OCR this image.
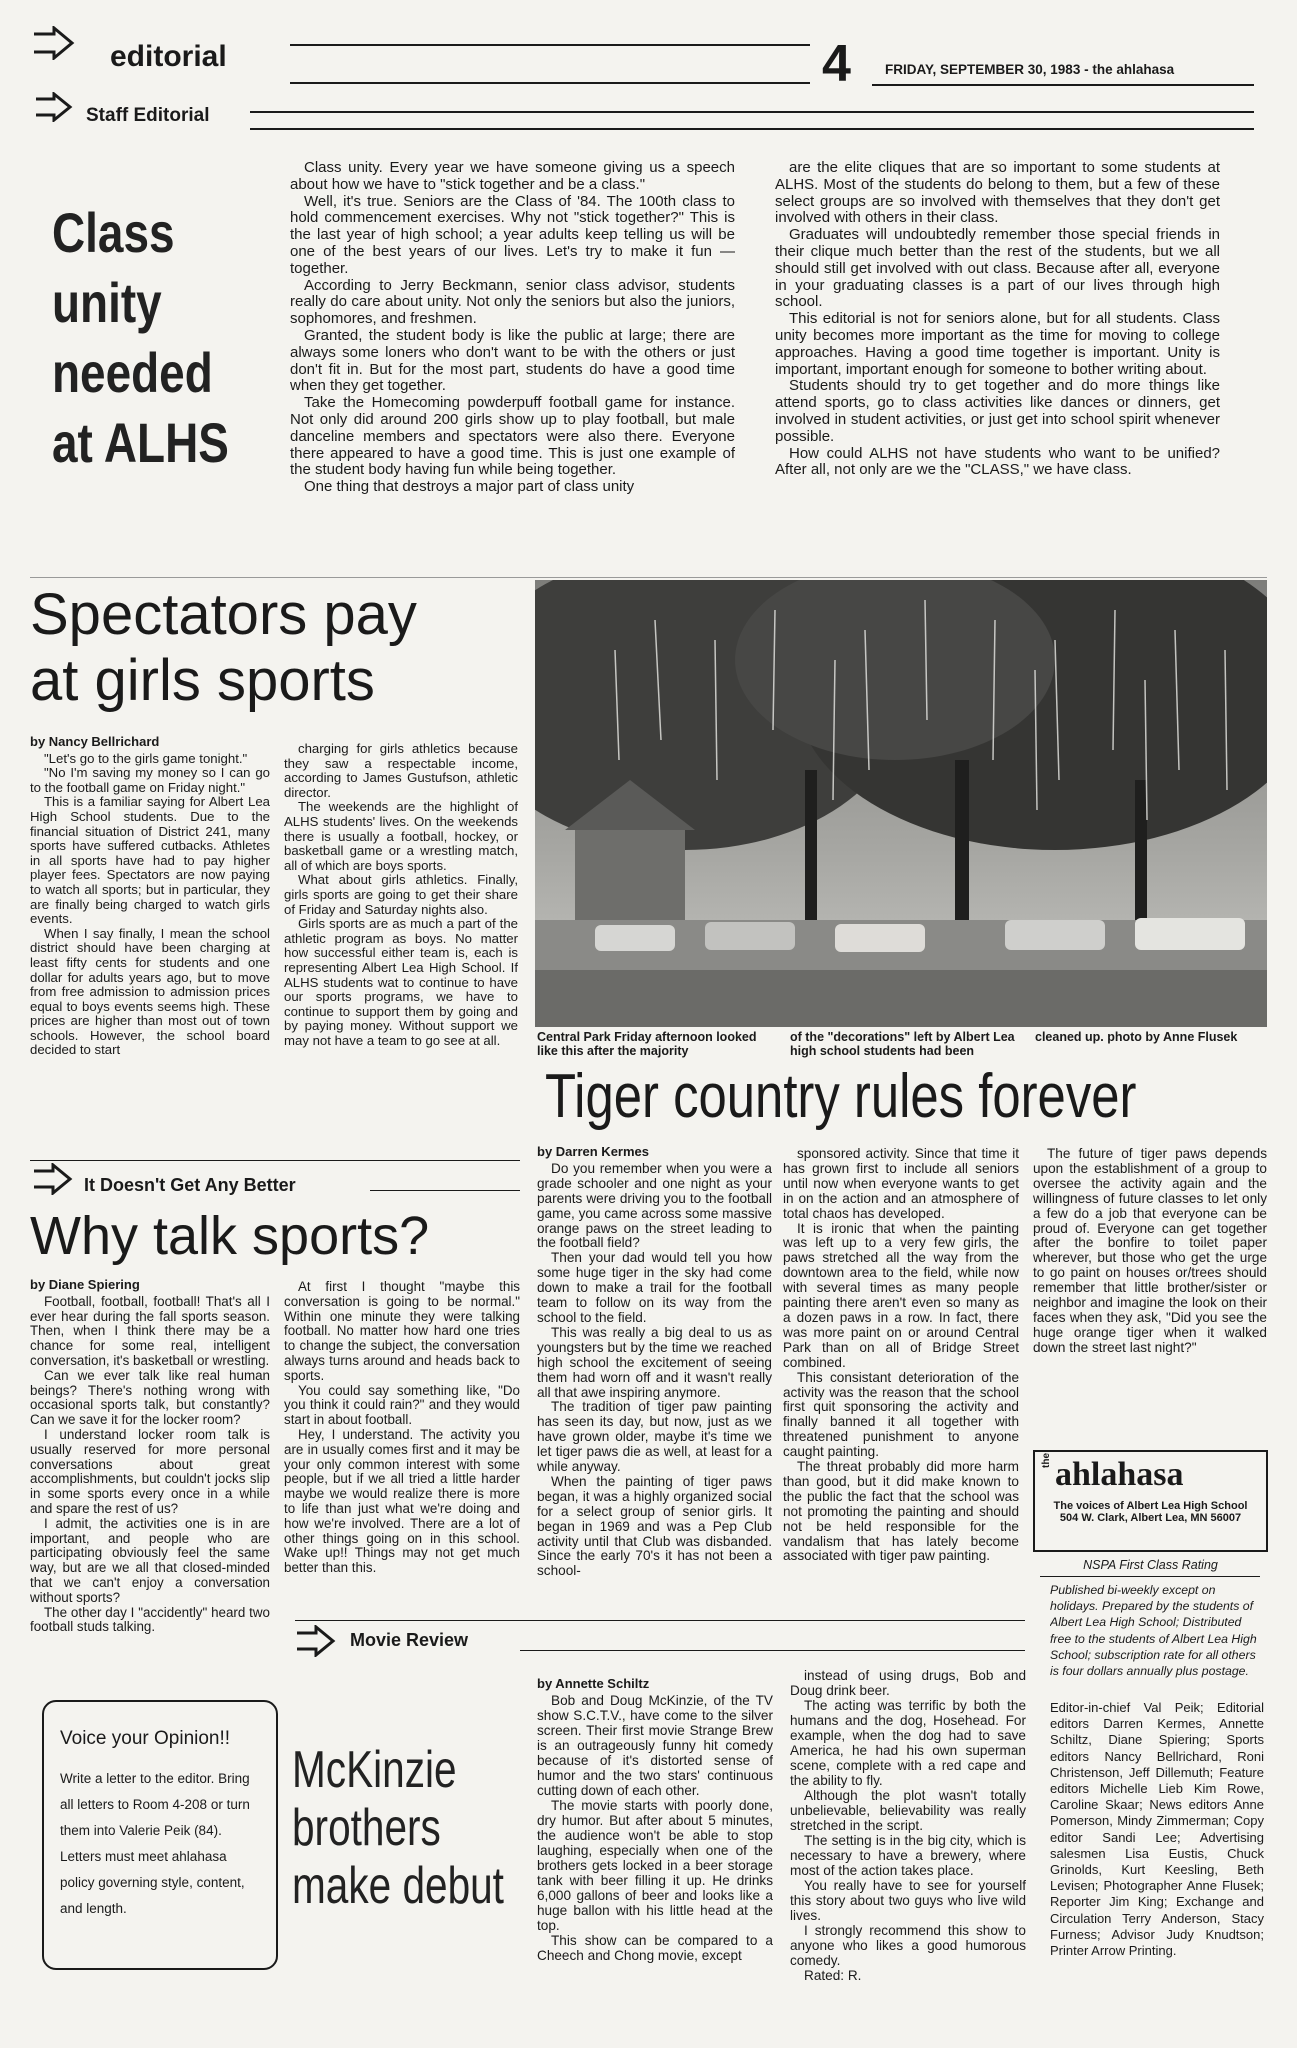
editorial	4	FRIDAY, SEPTEMBER 30, 1983 - the ahlahasa
Staff Editorial
Class
unity
needed
at ALHS

Class unity. Every year we have someone giving us a speech about how we have to "stick together and be a class."

Well, it's true. Seniors are the Class of '84. The 100th class to hold commencement exercises. Why not "stick together?" This is the last year of high school; a year adults keep telling us will be one of the best years of our lives. Let's try to make it fun — together.

According to Jerry Beckmann, senior class advisor, students really do care about unity. Not only the seniors but also the juniors, sophomores, and freshmen.

Granted, the student body is like the public at large; there are always some loners who don't want to be with the others or just don't fit in. But for the most part, students do have a good time when they get together.

Take the Homecoming powderpuff football game for instance. Not only did around 200 girls show up to play football, but male danceline members and spectators were also there. Everyone there appeared to have a good time. This is just one example of the student body having fun while being together.

One thing that destroys a major part of class unity

are the elite cliques that are so important to some students at ALHS. Most of the students do belong to them, but a few of these select groups are so involved with themselves that they don't get involved with others in their class.

Graduates will undoubtedly remember those special friends in their clique much better than the rest of the students, but we all should still get involved with out class. Because after all, everyone in your graduating classes is a part of our lives through high school.

This editorial is not for seniors alone, but for all students. Class unity becomes more important as the time for moving to college approaches. Having a good time together is important. Unity is important, important enough for someone to bother writing about.

Students should try to get together and do more things like attend sports, go to class activities like dances or dinners, get involved in student activities, or just get into school spirit whenever possible.

How could ALHS not have students who want to be unified? After all, not only are we the "CLASS," we have class.

Spectators pay
at girls sports
by Nancy Bellrichard

"Let's go to the girls game tonight."

"No I'm saving my money so I can go to the football game on Friday night."

This is a familiar saying for Albert Lea High School students. Due to the financial situation of District 241, many sports have suffered cutbacks. Athletes in all sports have had to pay higher player fees. Spectators are now paying to watch all sports; but in particular, they are finally being charged to watch girls events.

When I say finally, I mean the school district should have been charging at least fifty cents for students and one dollar for adults years ago, but to move from free admission to admission prices equal to boys events seems high. These prices are higher than most out of town schools. However, the school board decided to start

charging for girls athletics because they saw a respectable income, according to James Gustufson, athletic director.

The weekends are the highlight of ALHS students' lives. On the weekends there is usually a football, hockey, or basketball game or a wrestling match, all of which are boys sports.

What about girls athletics. Finally, girls sports are going to get their share of Friday and Saturday nights also.

Girls sports are as much a part of the athletic program as boys. No matter how successful either team is, each is representing Albert Lea High School. If ALHS students wat to continue to have our sports programs, we have to continue to support them by going and by paying money. Without support we may not have a team to go see at all.	Central Park Friday afternoon looked like this after the majority
of the "decorations" left by Albert Lea high school students had been
cleaned up. photo by Anne Flusek
Tiger country rules forever
by Darren Kermes

Do you remember when you were a grade schooler and one night as your parents were driving you to the football game, you came across some massive orange paws on the street leading to the football field?

Then your dad would tell you how some huge tiger in the sky had come down to make a trail for the football team to follow on its way from the school to the field.

This was really a big deal to us as youngsters but by the time we reached high school the excitement of seeing them had worn off and it wasn't really all that awe inspiring anymore.

The tradition of tiger paw painting has seen its day, but now, just as we have grown older, maybe it's time we let tiger paws die as well, at least for a while anyway.

When the painting of tiger paws began, it was a highly organized social for a select group of senior girls. It began in 1969 and was a Pep Club activity until that Club was disbanded. Since the early 70's it has not been a school-

sponsored activity. Since that time it has grown first to include all seniors until now when everyone wants to get in on the action and an atmosphere of total chaos has developed.

It is ironic that when the painting was left up to a very few girls, the paws stretched all the way from the downtown area to the field, while now with several times as many people painting there aren't even so many as a dozen paws in a row. In fact, there was more paint on or around Central Park than on all of Bridge Street combined.

This consistant deterioration of the activity was the reason that the school first quit sponsoring the activity and finally banned it all together with threatened punishment to anyone caught painting.

The threat probably did more harm than good, but it did make known to the public the fact that the school was not promoting the painting and should not be held responsible for the vandalism that has lately become associated with tiger paw painting.

The future of tiger paws depends upon the establishment of a group to oversee the activity again and the willingness of future classes to let only a few do a job that everyone can be proud of. Everyone can get together after the bonfire to toilet paper wherever, but those who get the urge to go paint on houses or/trees should remember that little brother/sister or neighbor and imagine the look on their faces when they ask, "Did you see the huge orange tiger when it walked down the street last night?"

It Doesn't Get Any Better
Why talk sports?
by Diane Spiering

Football, football, football! That's all I ever hear during the fall sports season. Then, when I think there may be a chance for some real, intelligent conversation, it's basketball or wrestling.

Can we ever talk like real human beings? There's nothing wrong with occasional sports talk, but constantly? Can we save it for the locker room?

I understand locker room talk is usually reserved for more personal conversations about great accomplishments, but couldn't jocks slip in some sports every once in a while and spare the rest of us?

I admit, the activities one is in are important, and people who are participating obviously feel the same way, but are we all that closed-minded that we can't enjoy a conversation without sports?

The other day I "accidently" heard two football studs talking.

At first I thought "maybe this conversation is going to be normal." Within one minute they were talking football. No matter how hard one tries to change the subject, the conversation always turns around and heads back to sports.

You could say something like, "Do you think it could rain?" and they would start in about football.

Hey, I understand. The activity you are in usually comes first and it may be your only common interest with some people, but if we all tried a little harder maybe we would realize there is more to life than just what we're doing and how we're involved. There are a lot of other things going on in this school. Wake up!! Things may not get much better than this.

Voice your Opinion!!
Write a letter to the editor. Bring all letters to Room 4-208 or turn them into Valerie Peik (84). Letters must meet ahlahasa policy governing style, content, and length.
Movie Review
McKinzie
brothers
make debut
by Annette Schiltz

Bob and Doug McKinzie, of the TV show S.C.T.V., have come to the silver screen. Their first movie Strange Brew is an outrageously funny hit comedy because of it's distorted sense of humor and the two stars' continuous cutting down of each other.

The movie starts with poorly done, dry humor. But after about 5 minutes, the audience won't be able to stop laughing, especially when one of the brothers gets locked in a beer storage tank with beer filling it up. He drinks 6,000 gallons of beer and looks like a huge ballon with his little head at the top.

This show can be compared to a Cheech and Chong movie, except

instead of using drugs, Bob and Doug drink beer.

The acting was terrific by both the humans and the dog, Hosehead. For example, when the dog had to save America, he had his own superman scene, complete with a red cape and the ability to fly.

Although the plot wasn't totally unbelievable, believability was really stretched in the script.

The setting is in the big city, which is necessary to have a brewery, where most of the action takes place.

You really have to see for yourself this story about two guys who live wild lives.

I strongly recommend this show to anyone who likes a good humorous comedy.

Rated: R.

the ahlahasa
The voices of Albert Lea High School
504 W. Clark, Albert Lea, MN 56007
NSPA First Class Rating
Published bi-weekly except on holidays. Prepared by the students of Albert Lea High School; Distributed free to the students of Albert Lea High School; subscription rate for all others is four dollars annually plus postage.
Editor-in-chief Val Peik; Editorial editors Darren Kermes, Annette Schiltz, Diane Spiering; Sports editors Nancy Bellrichard, Roni Christenson, Jeff Dillemuth; Feature editors Michelle Lieb Kim Rowe, Caroline Skaar; News editors Anne Pomerson, Mindy Zimmerman; Copy editor Sandi Lee; Advertising salesmen Lisa Eustis, Chuck Grinolds, Kurt Keesling, Beth Levisen; Photographer Anne Flusek; Reporter Jim King; Exchange and Circulation Terry Anderson, Stacy Furness; Advisor Judy Knudtson; Printer Arrow Printing.
